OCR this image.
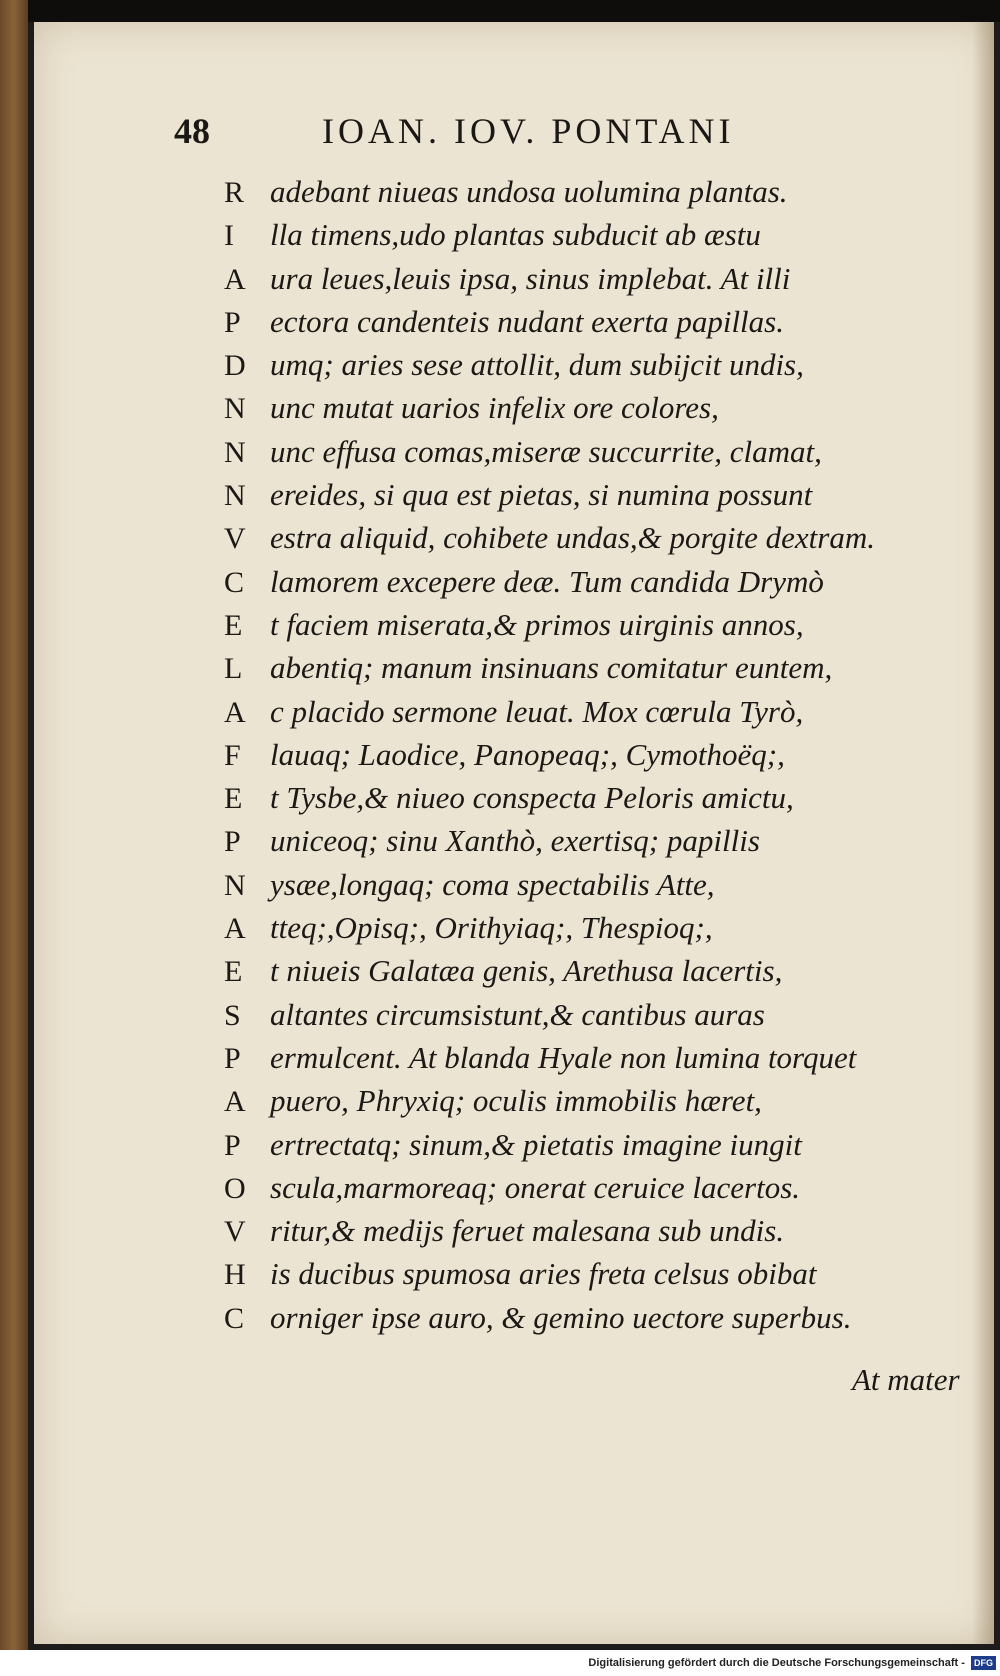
48	IOAN. IOV. PONTANI
R adebant niueas undosa uolumina plantas.
I	lla timens,udo plantas subducit ab æstu
A ura leues,leuis ipsa, sinus implebat. At illi
P ectora candenteis nudant exerta papillas.
D umq; aries sese attollit, dum subijcit undis,
N unc mutat uarios infelix ore colores,
N unc effusa comas,miseræ succurrite, clamat,
N ereides, si qua est pietas, si numina possunt
V estra aliquid, cohibete undas,& porgite dextram.
C lamorem excepere deæ. Tum candida Drymò
E t faciem miserata,& primos uirginis annos,
L abentiq; manum insinuans comitatur euntem,
A c placido sermone leuat. Mox cœrula Tyrò,
F lauaq; Laodice, Panopeaq;, Cymothoëq;,
E t Tysbe,& niueo conspecta Peloris amictu,
P uniceoq; sinu Xanthò, exertisq; papillis
N ysæe,longaq; coma spectabilis Atte,
A tteq;,Opisq;, Orithyiaq;, Thespioq;,
E t niueis Galatæa genis, Arethusa lacertis,
S altantes circumsistunt,& cantibus auras
P ermulcent. At blanda Hyale non lumina torquet
A puero, Phryxiq; oculis immobilis hæret,
P ertrectatq; sinum,& pietatis imagine iungit
O scula,marmoreaq; onerat ceruice lacertos.
V ritur,& medijs feruet malesana sub undis.
H is ducibus spumosa aries freta celsus obibat
C orniger ipse auro, & gemino uectore superbus.
At mater
Digitalisierung gefördert durch die Deutsche Forschungsgemeinschaft - DFG
